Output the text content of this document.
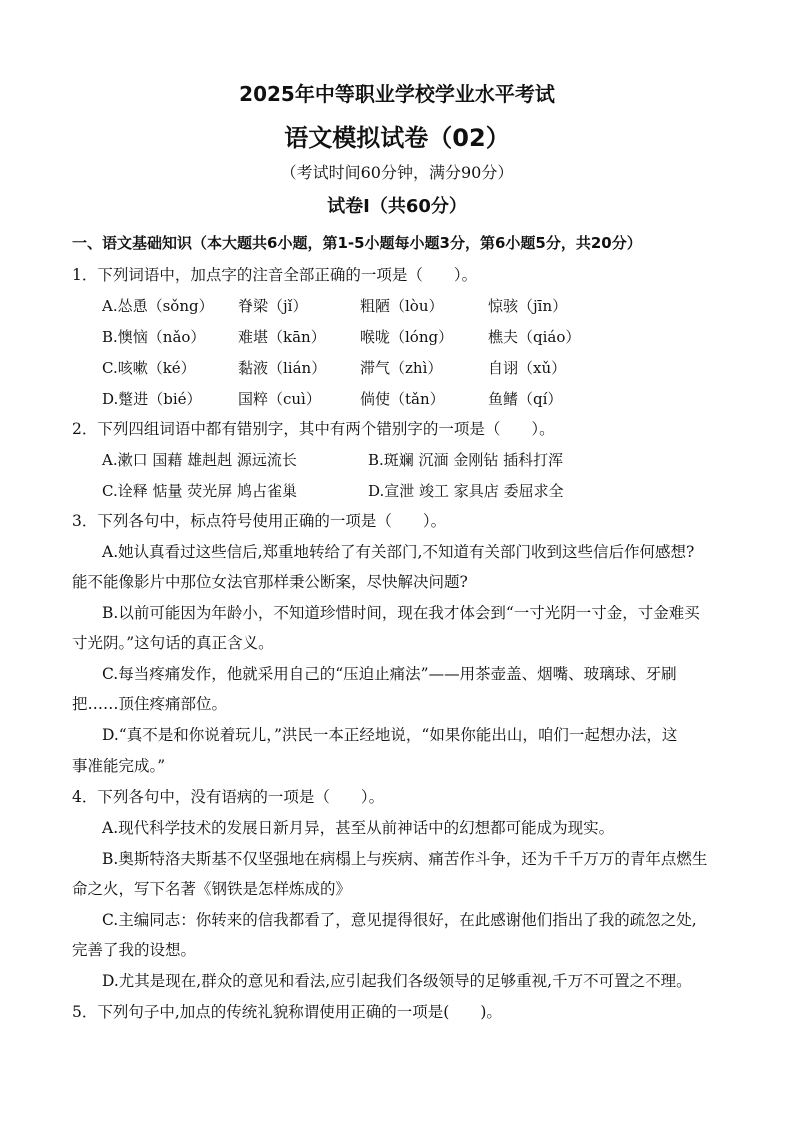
2025年中等职业学校学业水平考试
语文模拟试卷（02）
（考试时间60分钟，满分90分）
试卷Ⅰ（共60分）
一、语文基础知识（本大题共6小题，第1-5小题每小题3分，第6小题5分，共20分）
1．下列词语中，加点字的注音全部正确的一项是（　　）。
A.怂恿（sǒng） 脊梁（jǐ）	粗陋（lòu）	惊骇（jīn）
B.懊恼（nǎo） 难堪（kān） 喉咙（lóng） 樵夫（qiáo）
C.咳嗽（ké）	黏液（lián） 滞气（zhì）	自诩（xǔ）
D.蹩进（bié） 国粹（cuì）	倘使（tǎn）	鱼鳍（qí）
2．下列四组词语中都有错别字，其中有两个错别字的一项是（　　）。
A.漱口 国藉 雄赳赳 源远流长	B.斑斓 沉湎 金刚钻 插科打浑
C.诠释 惦量 荧光屏 鸠占雀巢	D.宣泄 竣工 家具店 委屈求全
3．下列各句中，标点符号使用正确的一项是（　　）。
A.她认真看过这些信后,郑重地转给了有关部门,不知道有关部门收到这些信后作何感想?
能不能像影片中那位女法官那样秉公断案，尽快解决问题?
B.以前可能因为年龄小，不知道珍惜时间，现在我才体会到“一寸光阴一寸金，寸金难买
寸光阴。”这句话的真正含义。
C.每当疼痛发作，他就采用自己的“压迫止痛法”——用茶壶盖、烟嘴、玻璃球、牙刷
把……顶住疼痛部位。
D.“真不是和你说着玩儿，”洪民一本正经地说，“如果你能出山，咱们一起想办法，这
事准能完成。”
4．下列各句中，没有语病的一项是（　　）。
A.现代科学技术的发展日新月异，甚至从前神话中的幻想都可能成为现实。
B.奥斯特洛夫斯基不仅坚强地在病榻上与疾病、痛苦作斗争，还为千千万万的青年点燃生
命之火，写下名著《钢铁是怎样炼成的》
C.主编同志：你转来的信我都看了，意见提得很好，在此感谢他们指出了我的疏忽之处,
完善了我的设想。
D.尤其是现在,群众的意见和看法,应引起我们各级领导的足够重视,千万不可置之不理。
5．下列句子中,加点的传统礼貌称谓使用正确的一项是(　　)。
